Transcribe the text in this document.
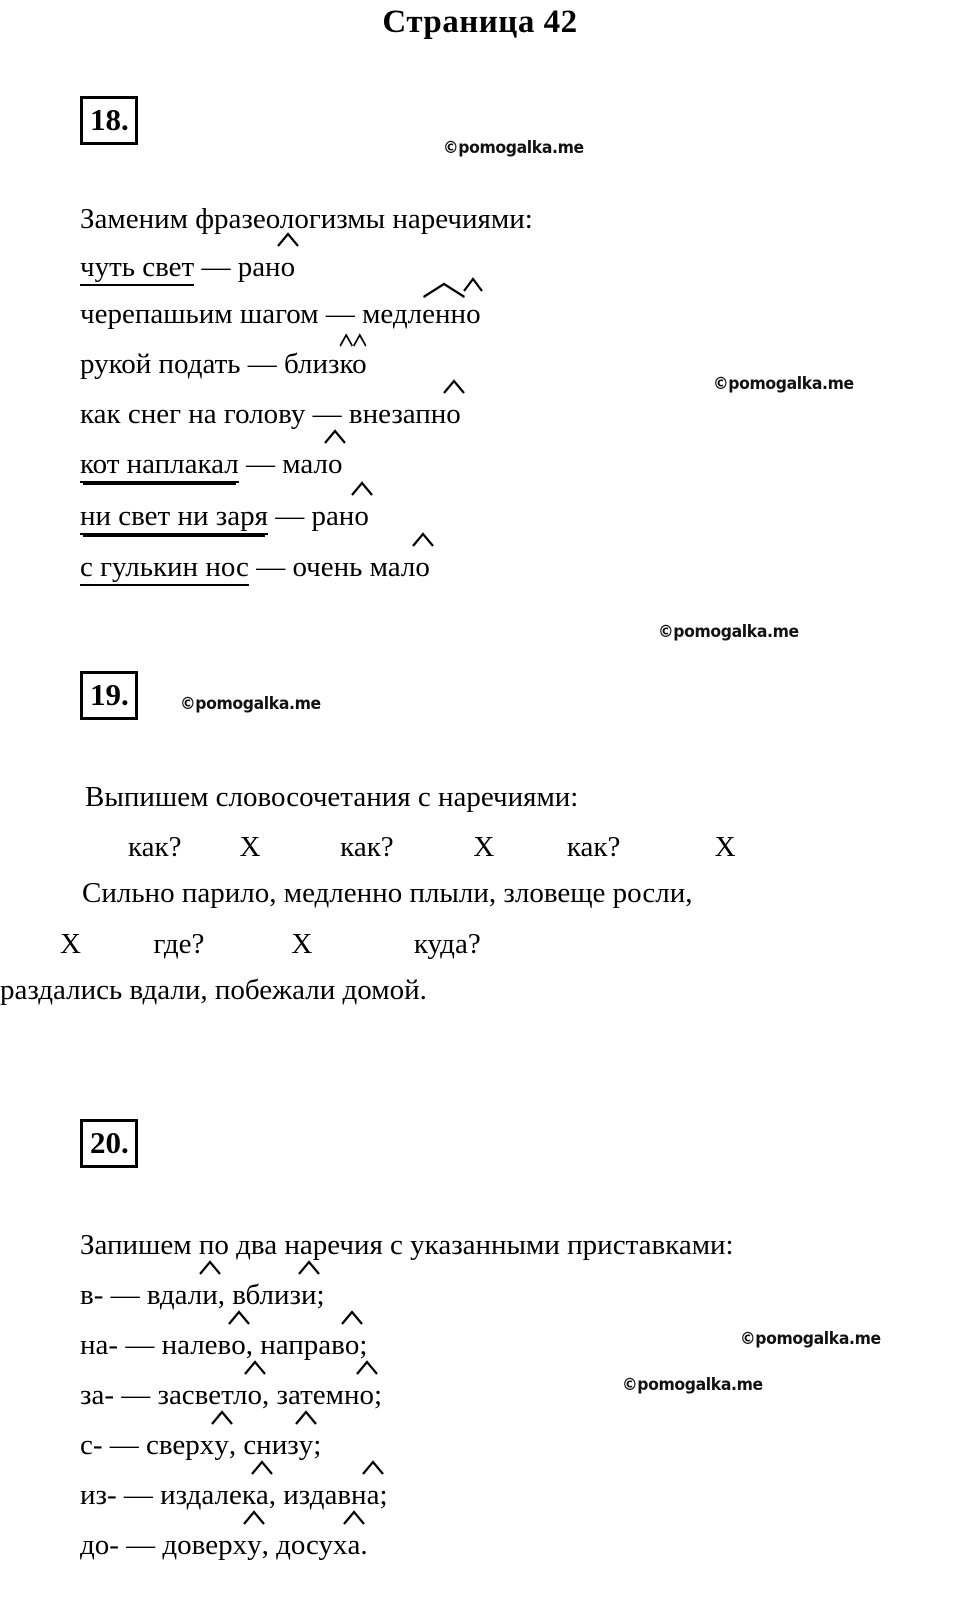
Страница 42
18.
Заменим фразеологизмы наречиями:
чуть свет — ран
о
черепашьим шагом — медл
енн
о
рукой подать — близ
ко
как снег на голову — внезапн
о
кот наплакал — мал
о
ни свет ни заря — ран
о
с гулькин нос — очень мал
о
19.
Выпишем словосочетания с наречиями:
как?        Х           как?           Х          как?             Х
Сильно парило, медленно плыли, зловеще росли,
Х          где?            Х              куда?
раздались вдали, побежали домой.
20.
Запишем по два наречия с указанными приставками:
в- — вдал
и, вблиз
и;
на- — налев
о, направ
о;
за- — засветл
о, затемн
о;
с- — сверх
у, сниз
у;
из- — издалек
а, издавн
а;
до- — доверх
у, досух
а.
©pomogalka.me
©pomogalka.me
©pomogalka.me
©pomogalka.me
©pomogalka.me
©pomogalka.me
